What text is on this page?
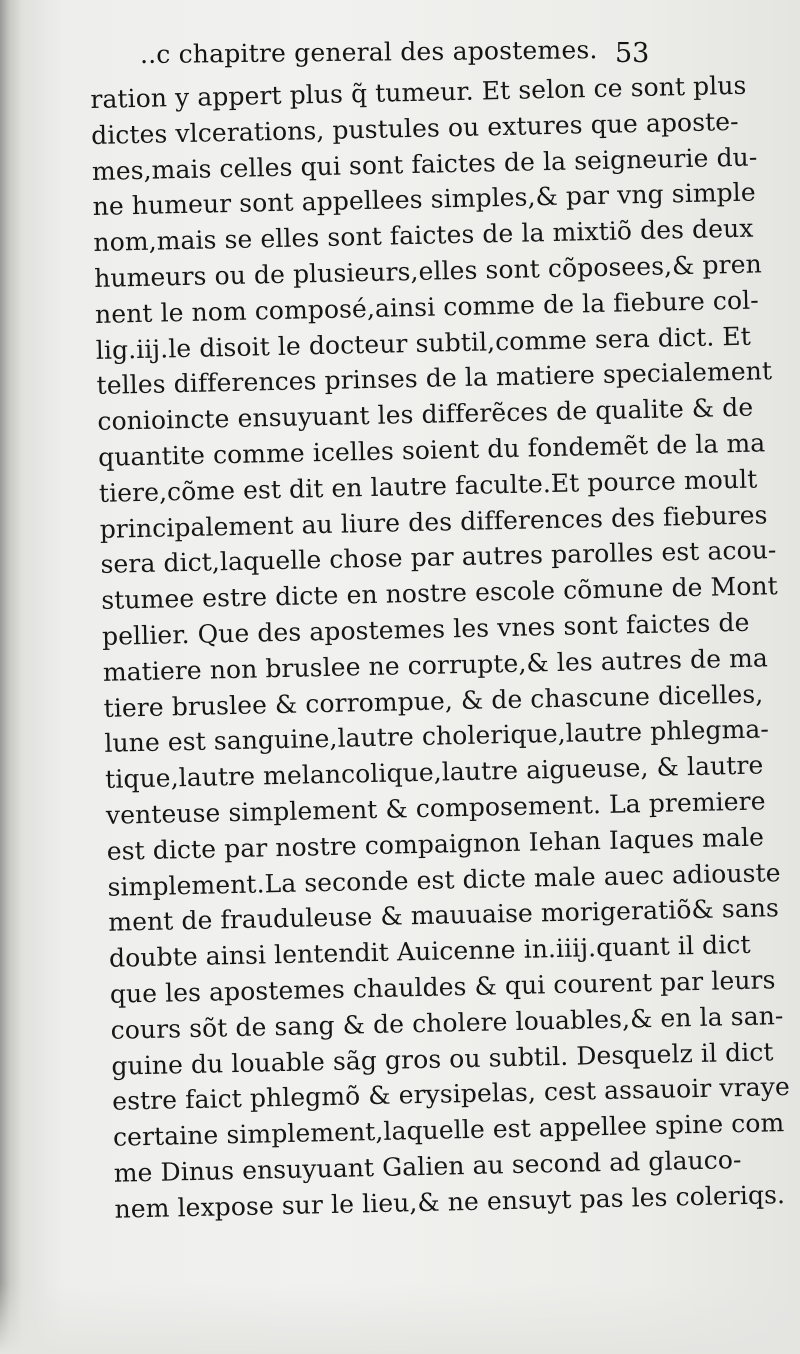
..c chapitre general des apostemes. 53
ration y appert plus q̃ tumeur. Et selon ce sont plus
dictes vlcerations, pustules ou extures que aposte-
mes,mais celles qui sont faictes de la seigneurie du-
ne humeur sont appellees simples,& par vng simple
nom,mais se elles sont faictes de la mixtiõ des deux
humeurs ou de plusieurs,elles sont cõposees,& pren
nent le nom composé,ainsi comme de la fiebure col-
lig.iij.le disoit le docteur subtil,comme sera dict. Et
telles differences prinses de la matiere specialement
conioincte ensuyuant les differẽces de qualite & de
quantite comme icelles soient du fondemẽt de la ma
tiere,cõme est dit en lautre faculte.Et pource moult
principalement au liure des differences des fiebures
sera dict,laquelle chose par autres parolles est acou-
stumee estre dicte en nostre escole cõmune de Mont
pellier. Que des apostemes les vnes sont faictes de
matiere non bruslee ne corrupte,& les autres de ma
tiere bruslee & corrompue, & de chascune dicelles,
lune est sanguine,lautre cholerique,lautre phlegma-
tique,lautre melancolique,lautre aigueuse, & lautre
venteuse simplement & composement. La premiere
est dicte par nostre compaignon Iehan Iaques male
simplement.La seconde est dicte male auec adiouste
ment de frauduleuse & mauuaise morigeratiõ& sans
doubte ainsi lentendit Auicenne in.iiij.quant il dict
que les apostemes chauldes & qui courent par leurs
cours sõt de sang & de cholere louables,& en la san-
guine du louable sãg gros ou subtil. Desquelz il dict
estre faict phlegmõ & erysipelas, cest assauoir vraye
certaine simplement,laquelle est appellee spine com
me Dinus ensuyuant Galien au second ad glauco-
nem lexpose sur le lieu,& ne ensuyt pas les coleriqs.
